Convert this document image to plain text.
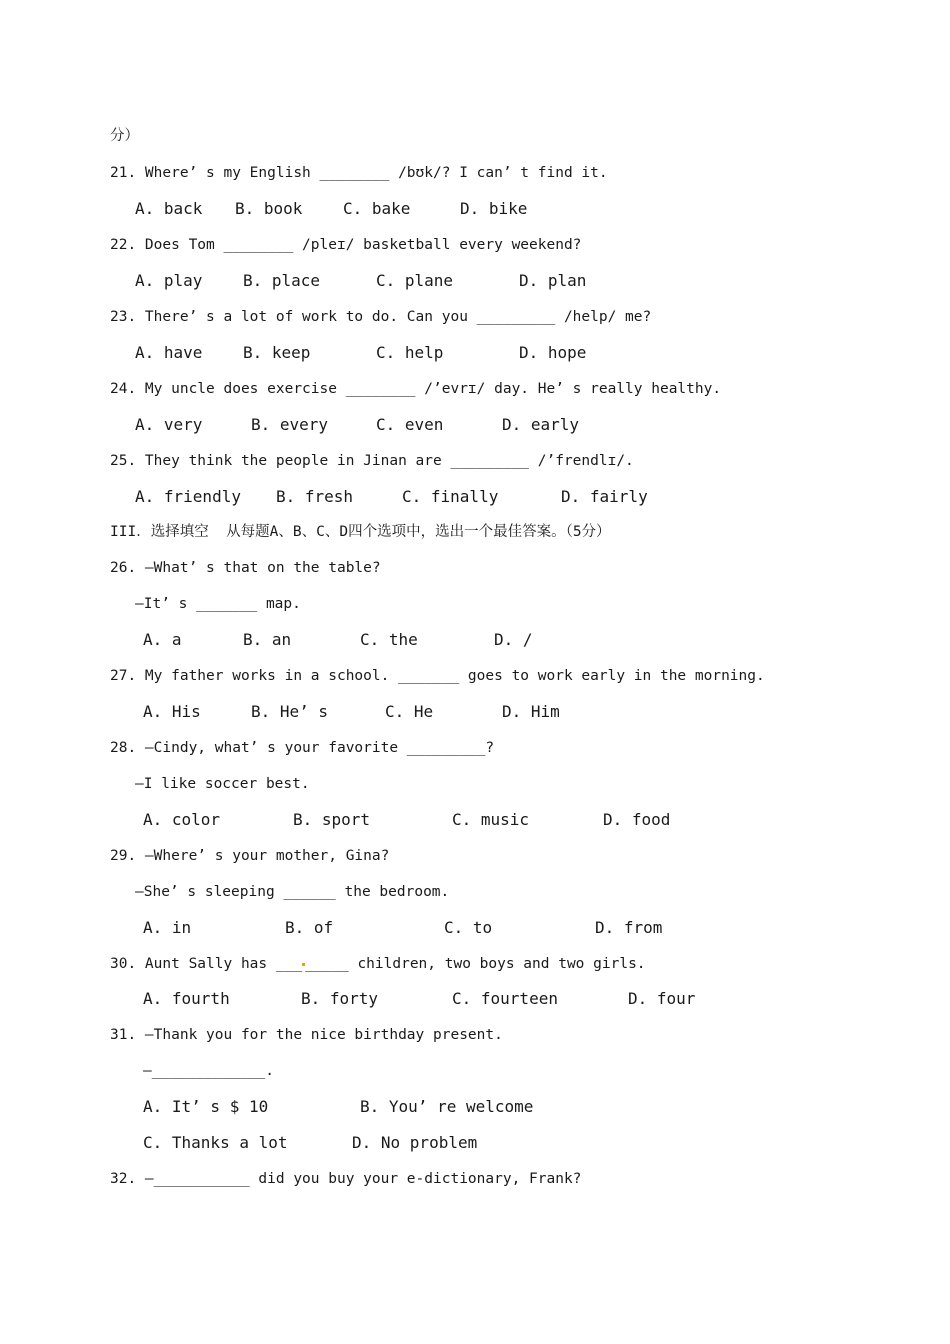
分）
21. Where’ s my English ________ /bʊk/? I can’ t find it.
A. back B. book	C. bake	D. bike
22. Does Tom ________ /pleɪ/ basketball every weekend?
A. play	B. place	C. plane	D. plan
23. There’ s a lot of work to do. Can you _________ /help/ me?
A. have	B. keep	C. help	D. hope
24. My uncle does exercise ________ /’evrɪ/ day. He’ s really healthy.
A. very	B. every	C. even	D. early
25. They think the people in Jinan are _________ /’frendlɪ/.
A. friendly B. fresh	C. finally	D. fairly
III．选择填空  从每题A、B、C、D四个选项中，选出一个最佳答案。（5分）
26. —What’ s that on the table?
—It’ s _______ map.
A. a	B. an	C. the	D. /
27. My father works in a school. _______ goes to work early in the morning.
A. His	B. He’ s	C. He	D. Him
28. —Cindy, what’ s your favorite _________?
—I like soccer best.
A. color	B. sport	C. music	D. food
29. —Where’ s your mother, Gina?
—She’ s sleeping ______ the bedroom.
A. in	B. of	C. to	D. from
30. Aunt Sally has ___ _____ children, two boys and two girls.
A. fourth	B. forty	C. fourteen	D. four
31. —Thank you for the nice birthday present.
—_____________.
A. It’ s $ 10	B. You’ re welcome
C. Thanks a lot	D. No problem
32. —___________ did you buy your e-dictionary, Frank?
